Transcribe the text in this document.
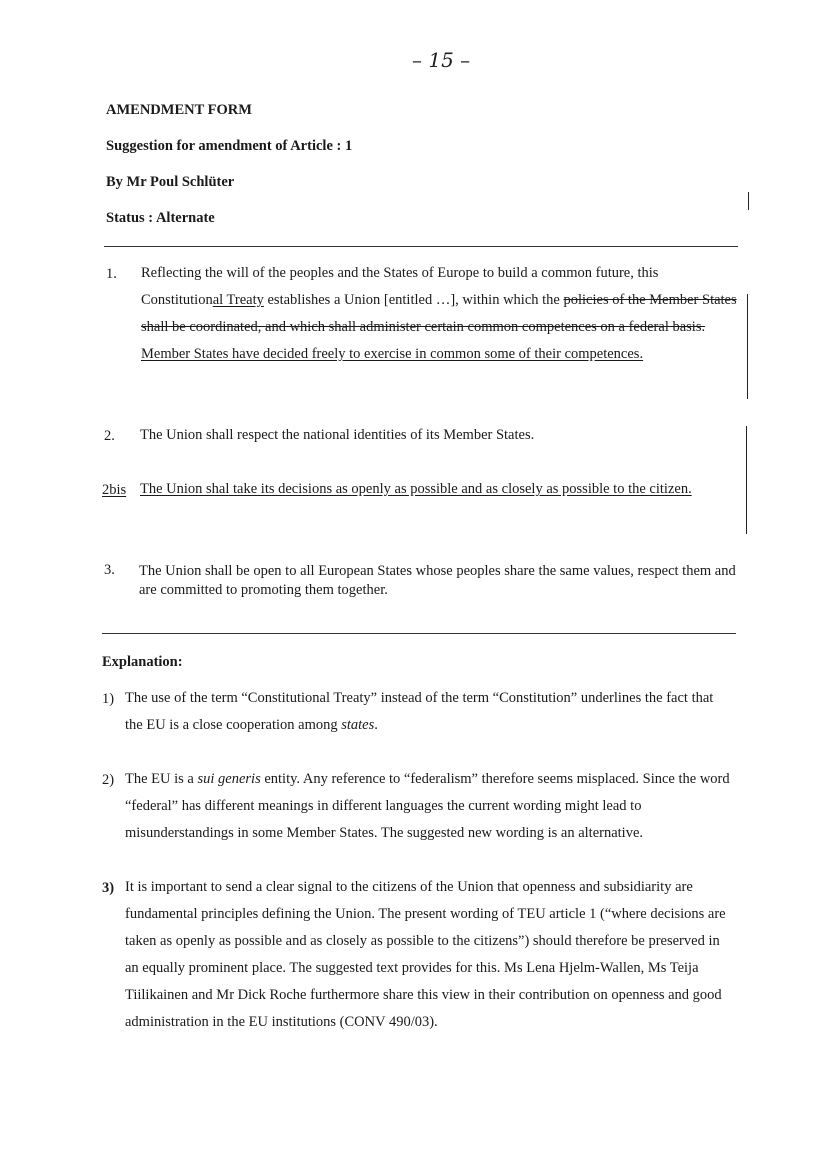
– 15 –
AMENDMENT FORM
Suggestion for amendment of Article : 1
By Mr Poul Schlüter
Status : Alternate
1. Reflecting the will of the peoples and the States of Europe to build a common future, this Constitutional Treaty establishes a Union [entitled …], within which the policies of the Member States shall be coordinated, and which shall administer certain common competences on a federal basis. Member States have decided freely to exercise in common some of their competences.
2. The Union shall respect the national identities of its Member States.
2bis The Union shal take its decisions as openly as possible and as closely as possible to the citizen.
3. The Union shall be open to all European States whose peoples share the same values, respect them and are committed to promoting them together.
Explanation:
1) The use of the term “Constitutional Treaty” instead of the term “Constitution” underlines the fact that the EU is a close cooperation among states.
2) The EU is a sui generis entity. Any reference to “federalism” therefore seems misplaced. Since the word “federal” has different meanings in different languages the current wording might lead to misunderstandings in some Member States. The suggested new wording is an alternative.
3) It is important to send a clear signal to the citizens of the Union that openness and subsidiarity are fundamental principles defining the Union. The present wording of TEU article 1 (“where decisions are taken as openly as possible and as closely as possible to the citizens”) should therefore be preserved in an equally prominent place. The suggested text provides for this. Ms Lena Hjelm-Wallen, Ms Teija Tiilikainen and Mr Dick Roche furthermore share this view in their contribution on openness and good administration in the EU institutions (CONV 490/03).
